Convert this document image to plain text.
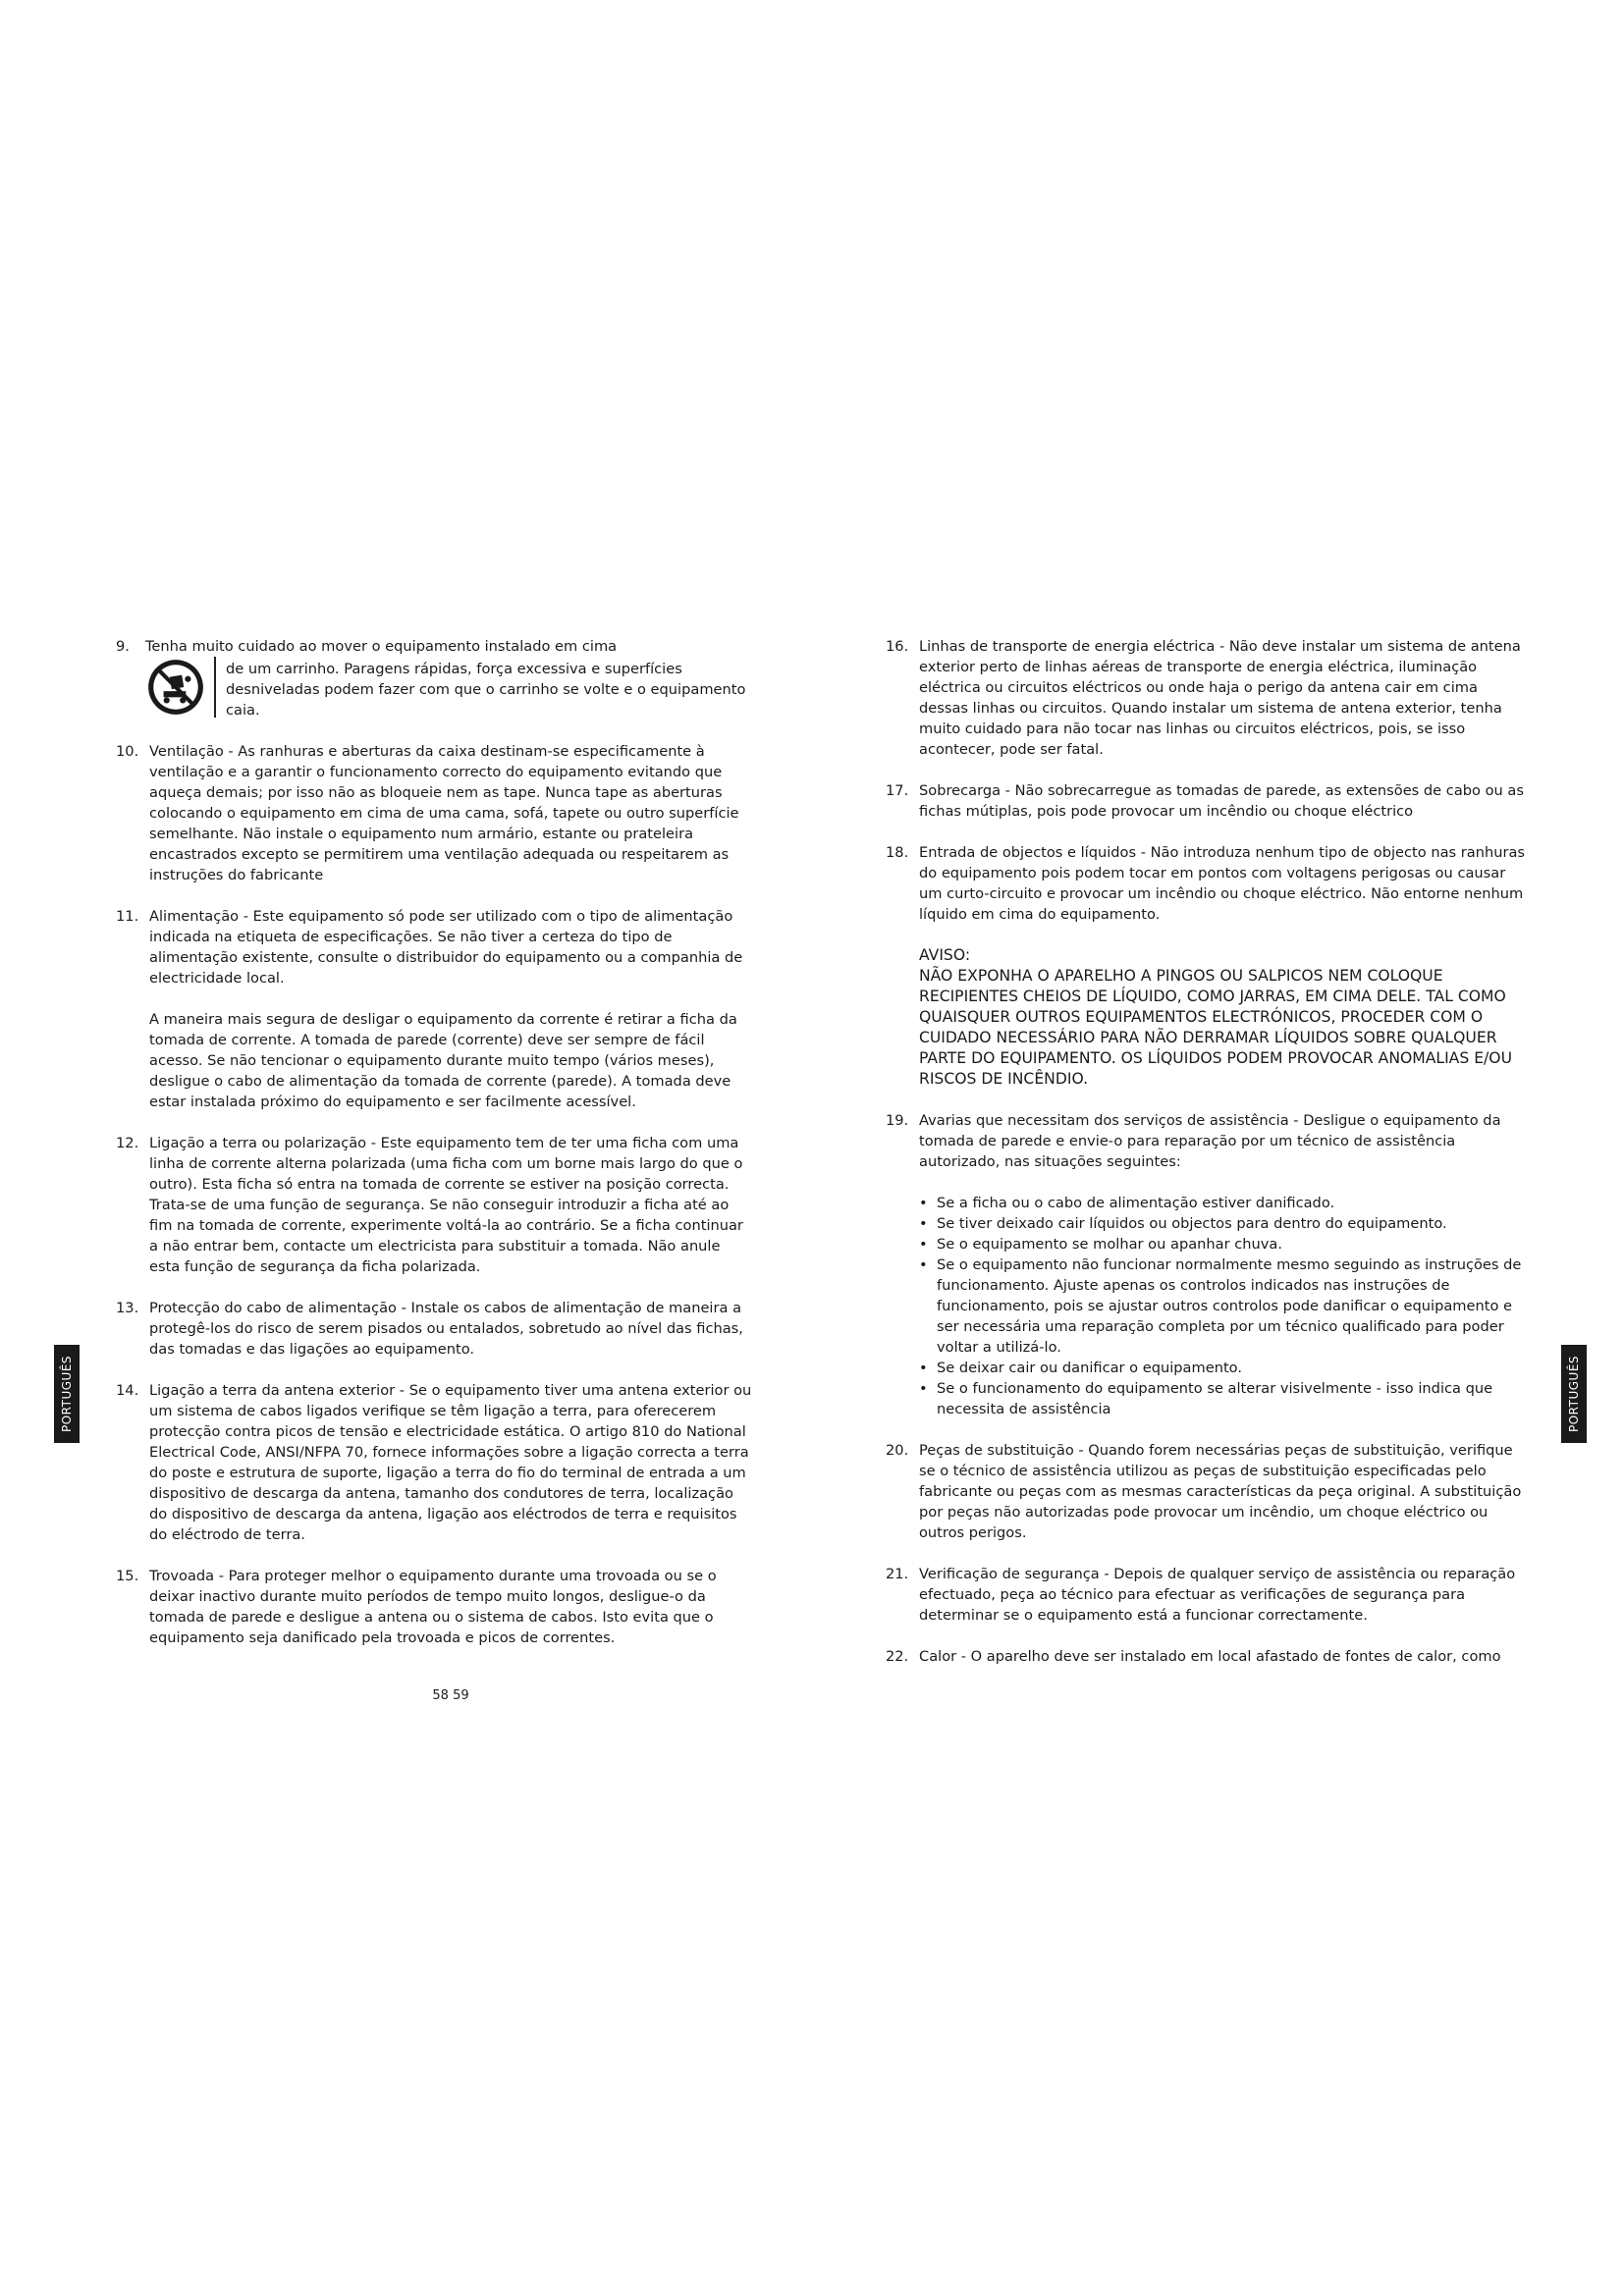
9. Tenha muito cuidado ao mover o equipamento instalado em cima

de um carrinho. Paragens rápidas, força excessiva e superfícies desniveladas podem fazer com que o carrinho se volte e o equipamento caia.

10. Ventilação - As ranhuras e aberturas da caixa destinam-se especificamente à ventilação e a garantir o funcionamento correcto do equipamento evitando que aqueça demais; por isso não as bloqueie nem as tape. Nunca tape as aberturas colocando o equipamento em cima de uma cama, sofá, tapete ou outro superfície semelhante. Não instale o equipamento num armário, estante ou prateleira encastrados excepto se permitirem uma ventilação adequada ou respeitarem as instruções do fabricante

11. Alimentação - Este equipamento só pode ser utilizado com o tipo de alimentação indicada na etiqueta de especificações. Se não tiver a certeza do tipo de alimentação existente, consulte o distribuidor do equipamento ou a companhia de electricidade local.

A maneira mais segura de desligar o equipamento da corrente é retirar a ficha da tomada de corrente. A tomada de parede (corrente) deve ser sempre de fácil acesso. Se não tencionar o equipamento durante muito tempo (vários meses), desligue o cabo de alimentação da tomada de corrente (parede). A tomada deve estar instalada próximo do equipamento e ser facilmente acessível.

12. Ligação a terra ou polarização - Este equipamento tem de ter uma ficha com uma linha de corrente alterna polarizada (uma ficha com um borne mais largo do que o outro). Esta ficha só entra na tomada de corrente se estiver na posição correcta. Trata-se de uma função de segurança. Se não conseguir introduzir a ficha até ao fim na tomada de corrente, experimente voltá-la ao contrário. Se a ficha continuar a não entrar bem, contacte um electricista para substituir a tomada. Não anule esta função de segurança da ficha polarizada.

13. Protecção do cabo de alimentação - Instale os cabos de alimentação de maneira a protegê-los do risco de serem pisados ou entalados, sobretudo ao nível das fichas, das tomadas e das ligações ao equipamento.

14. Ligação a terra da antena exterior - Se o equipamento tiver uma antena exterior ou um sistema de cabos ligados verifique se têm ligação a terra, para oferecerem protecção contra picos de tensão e electricidade estática. O artigo 810 do National Electrical Code, ANSI/NFPA 70, fornece informações sobre a ligação correcta a terra do poste e estrutura de suporte, ligação a terra do fio do terminal de entrada a um dispositivo de descarga da antena, tamanho dos condutores de terra, localização do dispositivo de descarga da antena, ligação aos eléctrodos de terra e requisitos do eléctrodo de terra.

15. Trovoada - Para proteger melhor o equipamento durante uma trovoada ou se o deixar inactivo durante muito períodos de tempo muito longos, desligue-o da tomada de parede e desligue a antena ou o sistema de cabos. Isto evita que o equipamento seja danificado pela trovoada e picos de correntes.

16. Linhas de transporte de energia eléctrica - Não deve instalar um sistema de antena exterior perto de linhas aéreas de transporte de energia eléctrica, iluminação eléctrica ou circuitos eléctricos ou onde haja o perigo da antena cair em cima dessas linhas ou circuitos. Quando instalar um sistema de antena exterior, tenha muito cuidado para não tocar nas linhas ou circuitos eléctricos, pois, se isso acontecer, pode ser fatal.

17. Sobrecarga - Não sobrecarregue as tomadas de parede, as extensões de cabo ou as fichas mútiplas, pois pode provocar um incêndio ou choque eléctrico

18. Entrada de objectos e líquidos - Não introduza nenhum tipo de objecto nas ranhuras do equipamento pois podem tocar em pontos com voltagens perigosas ou causar um curto-circuito e provocar um incêndio ou choque eléctrico. Não entorne nenhum líquido em cima do equipamento.

AVISO:
NÃO EXPONHA O APARELHO A PINGOS OU SALPICOS NEM COLOQUE RECIPIENTES CHEIOS DE LÍQUIDO, COMO JARRAS, EM CIMA DELE. TAL COMO QUAISQUER OUTROS EQUIPAMENTOS ELECTRÓNICOS, PROCEDER COM O CUIDADO NECESSÁRIO PARA NÃO DERRAMAR LÍQUIDOS SOBRE QUALQUER PARTE DO EQUIPAMENTO. OS LÍQUIDOS PODEM PROVOCAR ANOMALIAS E/OU RISCOS DE INCÊNDIO.
19. Avarias que necessitam dos serviços de assistência - Desligue o equipamento da tomada de parede e envie-o para reparação por um técnico de assistência autorizado, nas situações seguintes:

• Se a ficha ou o cabo de alimentação estiver danificado.
• Se tiver deixado cair líquidos ou objectos para dentro do equipamento.
• Se o equipamento se molhar ou apanhar chuva.
• Se o equipamento não funcionar normalmente mesmo seguindo as instruções de funcionamento. Ajuste apenas os controlos indicados nas instruções de funcionamento, pois se ajustar outros controlos pode danificar o equipamento e ser necessária uma reparação completa por um técnico qualificado para poder voltar a utilizá-lo.
• Se deixar cair ou danificar o equipamento.
• Se o funcionamento do equipamento se alterar visivelmente - isso indica que necessita de assistência
20. Peças de substituição - Quando forem necessárias peças de substituição, verifique se o técnico de assistência utilizou as peças de substituição especificadas pelo fabricante ou peças com as mesmas características da peça original. A substituição por peças não autorizadas pode provocar um incêndio, um choque eléctrico ou outros perigos.

21. Verificação de segurança - Depois de qualquer serviço de assistência ou reparação efectuado, peça ao técnico para efectuar as verificações de segurança para determinar se o equipamento está a funcionar correctamente.

22. Calor - O aparelho deve ser instalado em local afastado de fontes de calor, como

PORTUGUÊS	PORTUGUÊS
58 59
